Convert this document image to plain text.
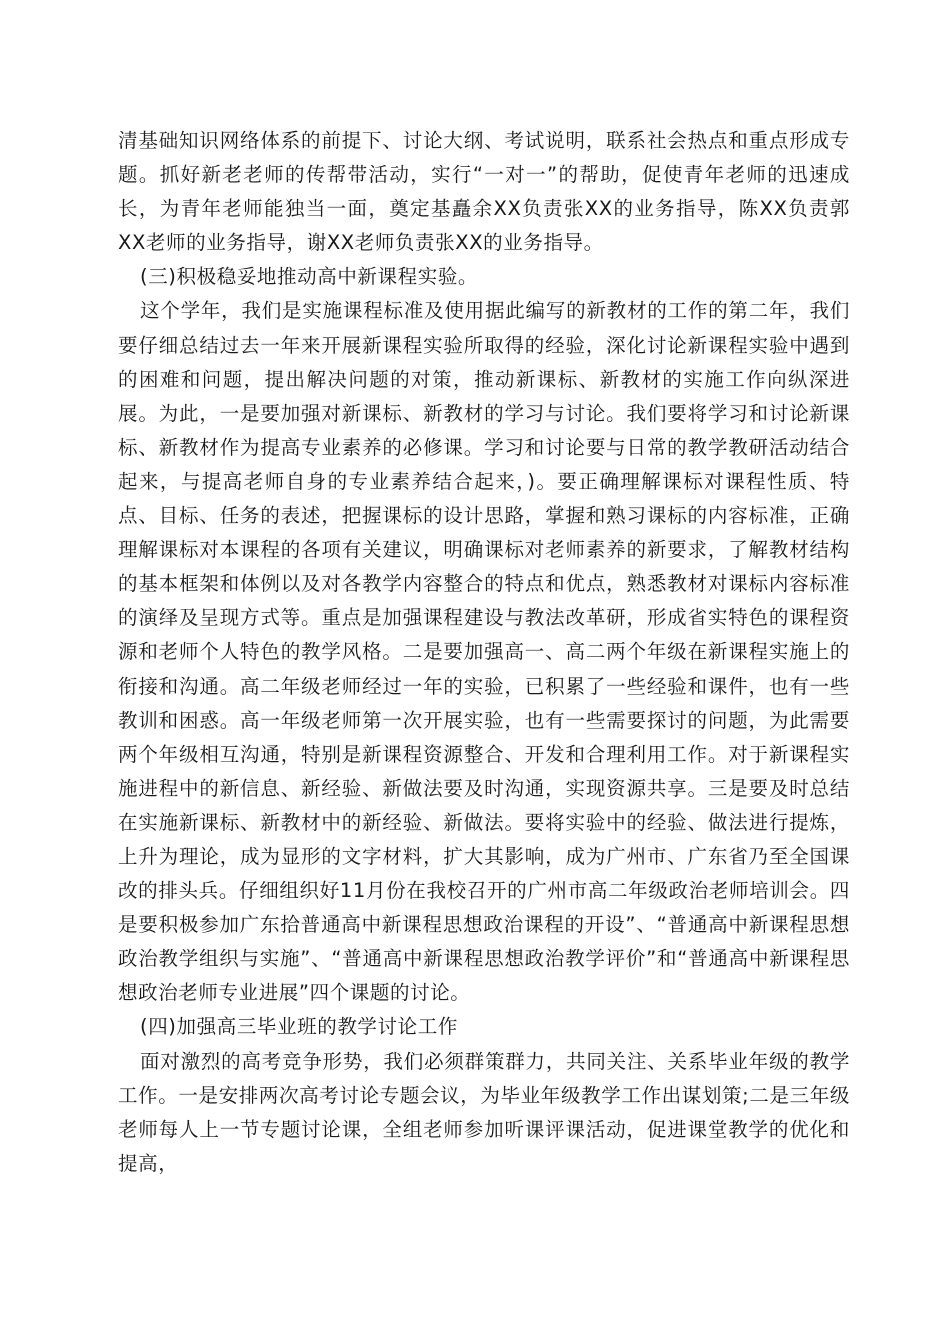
清基础知识网络体系的前提下、讨论大纲、考试说明，联系社会热点和重点形成专题。抓好新老老师的传帮带活动，实行“一对一”的帮助，促使青年老师的迅速成长，为青年老师能独当一面，奠定基矗余XX负责张XX的业务指导，陈XX负责郭XX老师的业务指导，谢XX老师负责张XX的业务指导。

(三)积极稳妥地推动高中新课程实验。

这个学年，我们是实施课程标准及使用据此编写的新教材的工作的第二年，我们要仔细总结过去一年来开展新课程实验所取得的经验，深化讨论新课程实验中遇到的困难和问题，提出解决问题的对策，推动新课标、新教材的实施工作向纵深进展。为此，一是要加强对新课标、新教材的学习与讨论。我们要将学习和讨论新课标、新教材作为提高专业素养的必修课。学习和讨论要与日常的教学教研活动结合起来，与提高老师自身的专业素养结合起来，)。要正确理解课标对课程性质、特点、目标、任务的表述，把握课标的设计思路，掌握和熟习课标的内容标准，正确理解课标对本课程的各项有关建议，明确课标对老师素养的新要求，了解教材结构的基本框架和体例以及对各教学内容整合的特点和优点，熟悉教材对课标内容标准的演绎及呈现方式等。重点是加强课程建设与教法改革研，形成省实特色的课程资源和老师个人特色的教学风格。二是要加强高一、高二两个年级在新课程实施上的衔接和沟通。高二年级老师经过一年的实验，已积累了一些经验和课件，也有一些教训和困惑。高一年级老师第一次开展实验，也有一些需要探讨的问题，为此需要两个年级相互沟通，特别是新课程资源整合、开发和合理利用工作。对于新课程实施进程中的新信息、新经验、新做法要及时沟通，实现资源共享。三是要及时总结在实施新课标、新教材中的新经验、新做法。要将实验中的经验、做法进行提炼，上升为理论，成为显形的文字材料，扩大其影响，成为广州市、广东省乃至全国课改的排头兵。仔细组织好11月份在我校召开的广州市高二年级政治老师培训会。四是要积极参加广东拾普通高中新课程思想政治课程的开设”、“普通高中新课程思想政治教学组织与实施”、“普通高中新课程思想政治教学评价”和“普通高中新课程思想政治老师专业进展”四个课题的讨论。

(四)加强高三毕业班的教学讨论工作

面对激烈的高考竞争形势，我们必须群策群力，共同关注、关系毕业年级的教学工作。一是安排两次高考讨论专题会议，为毕业年级教学工作出谋划策;二是三年级老师每人上一节专题讨论课，全组老师参加听课评课活动，促进课堂教学的优化和提高，
